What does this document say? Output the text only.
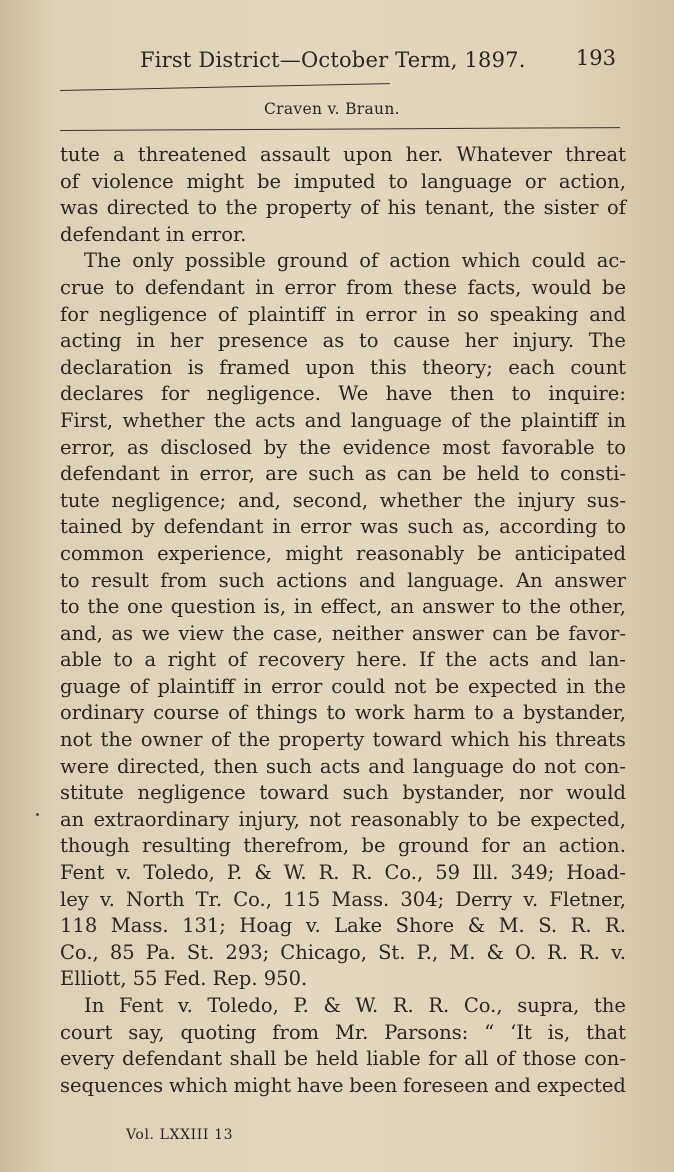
First District—October Term, 1897. 193
Craven v. Braun.
tute a threatened assault upon her. Whatever threat
of violence might be imputed to language or action,
was directed to the property of his tenant, the sister of
defendant in error.
The only possible ground of action which could ac-
crue to defendant in error from these facts, would be
for negligence of plaintiff in error in so speaking and
acting in her presence as to cause her injury. The
declaration is framed upon this theory; each count
declares for negligence. We have then to inquire:
First, whether the acts and language of the plaintiff in
error, as disclosed by the evidence most favorable to
defendant in error, are such as can be held to consti-
tute negligence; and, second, whether the injury sus-
tained by defendant in error was such as, according to
common experience, might reasonably be anticipated
to result from such actions and language. An answer
to the one question is, in effect, an answer to the other,
and, as we view the case, neither answer can be favor-
able to a right of recovery here. If the acts and lan-
guage of plaintiff in error could not be expected in the
ordinary course of things to work harm to a bystander,
not the owner of the property toward which his threats
were directed, then such acts and language do not con-
stitute negligence toward such bystander, nor would
an extraordinary injury, not reasonably to be expected,
though resulting therefrom, be ground for an action.
Fent v. Toledo, P. & W. R. R. Co., 59 Ill. 349; Hoad-
ley v. North Tr. Co., 115 Mass. 304; Derry v. Fletner,
118 Mass. 131; Hoag v. Lake Shore & M. S. R. R.
Co., 85 Pa. St. 293; Chicago, St. P., M. & O. R. R. v.
Elliott, 55 Fed. Rep. 950.
In Fent v. Toledo, P. & W. R. R. Co., supra, the
court say, quoting from Mr. Parsons: “ ‘It is, that
every defendant shall be held liable for all of those con-
sequences which might have been foreseen and expected
Vol. LXXIII 13
